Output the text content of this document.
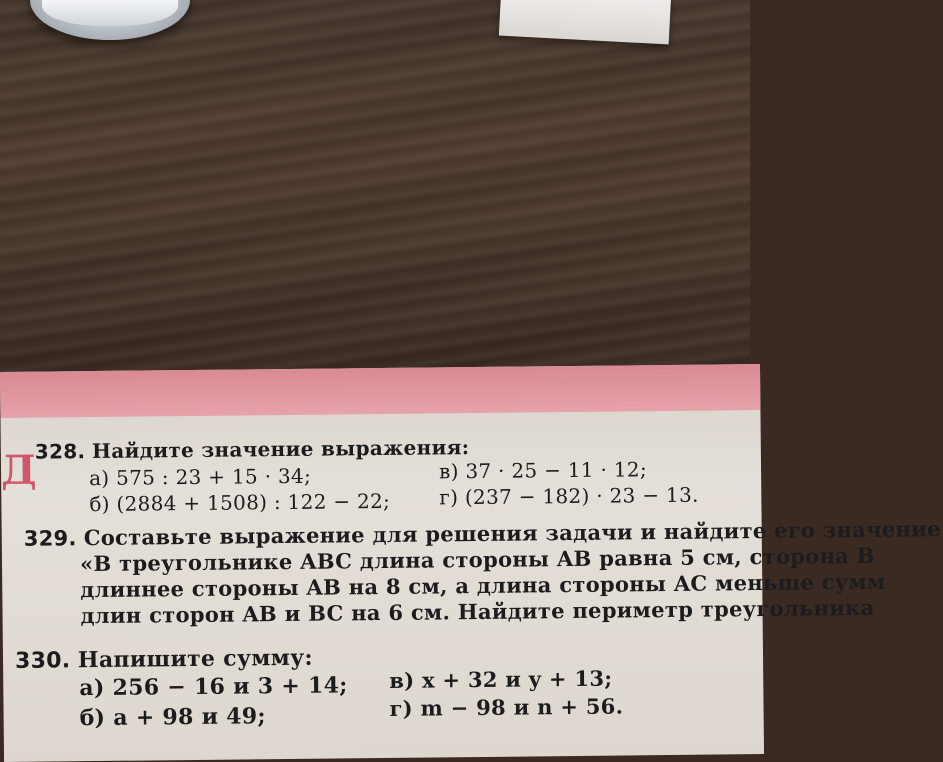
Д
328. Найдите значение выражения:
а) 575 : 23 + 15 · 34;	в) 37 · 25 − 11 · 12;
б) (2884 + 1508) : 122 − 22; г) (237 − 182) · 23 − 13.
329. Составьте выражение для решения задачи и найдите его значение
«В треугольнике ABC длина стороны AB равна 5 см, сторона B
длиннее стороны AB на 8 см, а длина стороны AC меньше сумм
длин сторон AB и BC на 6 см. Найдите периметр треугольника
330. Напишите сумму:
а) 256 − 16 и 3 + 14; в) x + 32 и y + 13;
б) a + 98 и 49;	г) m − 98 и n + 56.
